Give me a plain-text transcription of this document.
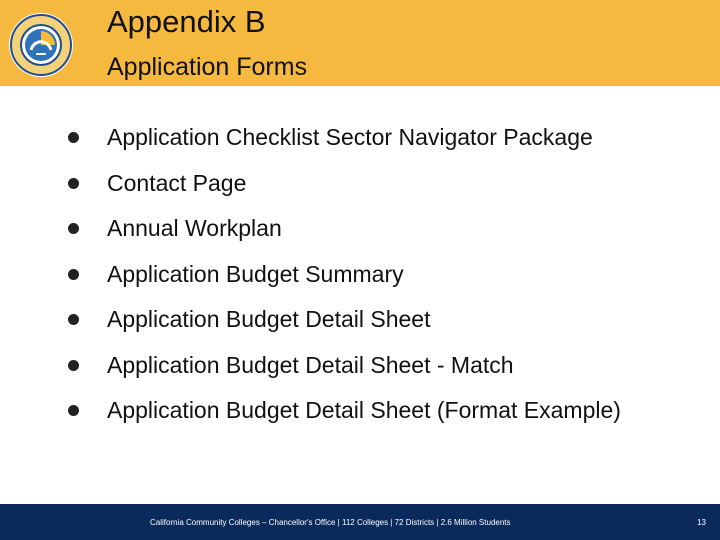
Appendix B
Application Forms
Application Checklist Sector Navigator Package
Contact Page
Annual Workplan
Application Budget Summary
Application Budget Detail Sheet
Application Budget Detail Sheet - Match
Application Budget Detail Sheet (Format Example)
California Community Colleges – Chancellor's Office | 112 Colleges | 72 Districts | 2.6 Million Students	13
